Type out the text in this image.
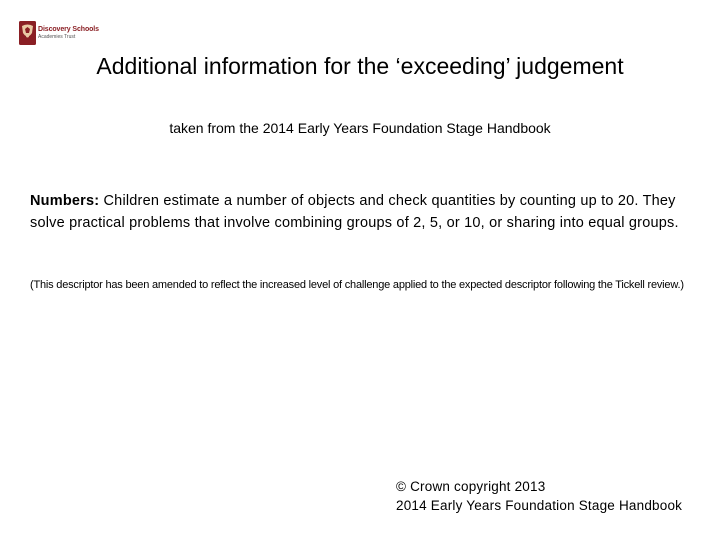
Discovery Schools
Academies Trust
Additional information for the ‘exceeding’ judgement
taken from the 2014 Early Years Foundation Stage Handbook
Numbers: Children estimate a number of objects and check quantities by counting up to 20. They solve practical problems that involve combining groups of 2, 5, or 10, or sharing into equal groups.
(This descriptor has been amended to reflect the increased level of challenge applied to the expected descriptor following the Tickell review.)
© Crown copyright 2013
2014 Early Years Foundation Stage Handbook
